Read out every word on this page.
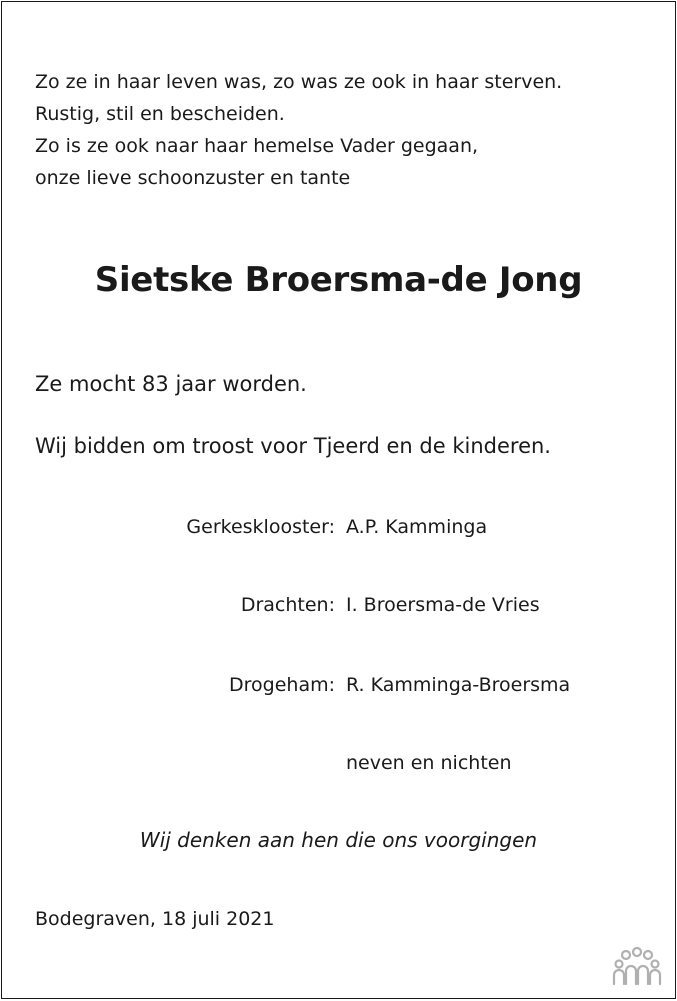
Zo ze in haar leven was, zo was ze ook in haar sterven.
Rustig, stil en bescheiden.
Zo is ze ook naar haar hemelse Vader gegaan,
onze lieve schoonzuster en tante
Sietske Broersma-de Jong
Ze mocht 83 jaar worden.
Wij bidden om troost voor Tjeerd en de kinderen.
Gerkesklooster: A.P. Kamminga
Drachten: I. Broersma-de Vries
Drogeham: R. Kamminga-Broersma
neven en nichten
Wij denken aan hen die ons voorgingen
Bodegraven, 18 juli 2021
